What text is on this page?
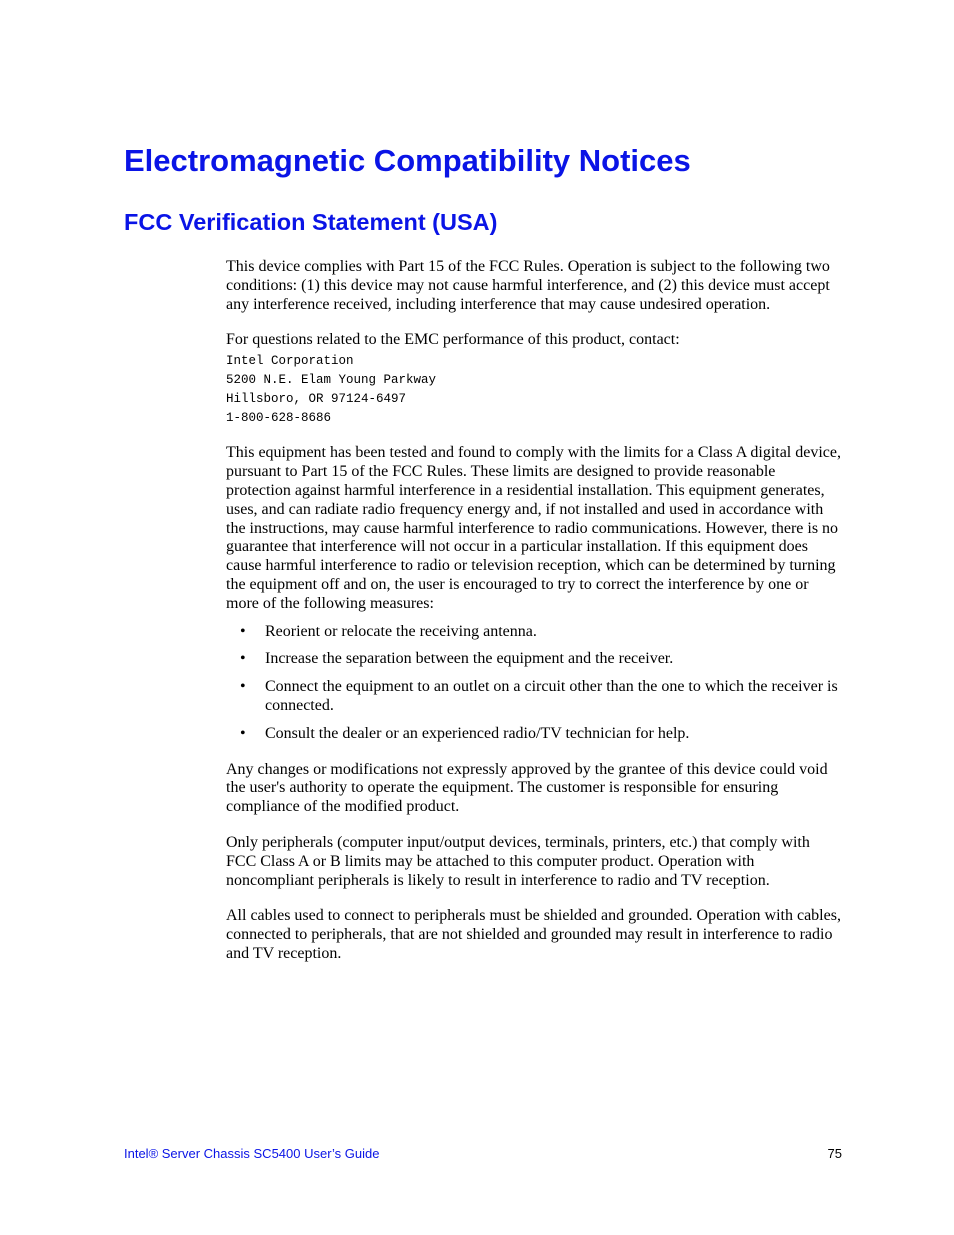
Electromagnetic Compatibility Notices
FCC Verification Statement (USA)

This device complies with Part 15 of the FCC Rules. Operation is subject to the following two conditions: (1) this device may not cause harmful interference, and (2) this device must accept any interference received, including interference that may cause undesired operation.

For questions related to the EMC performance of this product, contact:

Intel Corporation
5200 N.E. Elam Young Parkway
Hillsboro, OR 97124-6497
1-800-628-8686

This equipment has been tested and found to comply with the limits for a Class A digital device, pursuant to Part 15 of the FCC Rules. These limits are designed to provide reasonable protection against harmful interference in a residential installation. This equipment generates, uses, and can radiate radio frequency energy and, if not installed and used in accordance with the instructions, may cause harmful interference to radio communications. However, there is no guarantee that interference will not occur in a particular installation. If this equipment does cause harmful interference to radio or television reception, which can be determined by turning the equipment off and on, the user is encouraged to try to correct the interference by one or more of the following measures:

• Reorient or relocate the receiving antenna.
• Increase the separation between the equipment and the receiver.
• Connect the equipment to an outlet on a circuit other than the one to which the receiver is connected.
• Consult the dealer or an experienced radio/TV technician for help.

Any changes or modifications not expressly approved by the grantee of this device could void the user's authority to operate the equipment. The customer is responsible for ensuring compliance of the modified product.

Only peripherals (computer input/output devices, terminals, printers, etc.) that comply with FCC Class A or B limits may be attached to this computer product. Operation with noncompliant peripherals is likely to result in interference to radio and TV reception.

All cables used to connect to peripherals must be shielded and grounded. Operation with cables, connected to peripherals, that are not shielded and grounded may result in interference to radio and TV reception.

Intel® Server Chassis SC5400 User’s Guide	75
